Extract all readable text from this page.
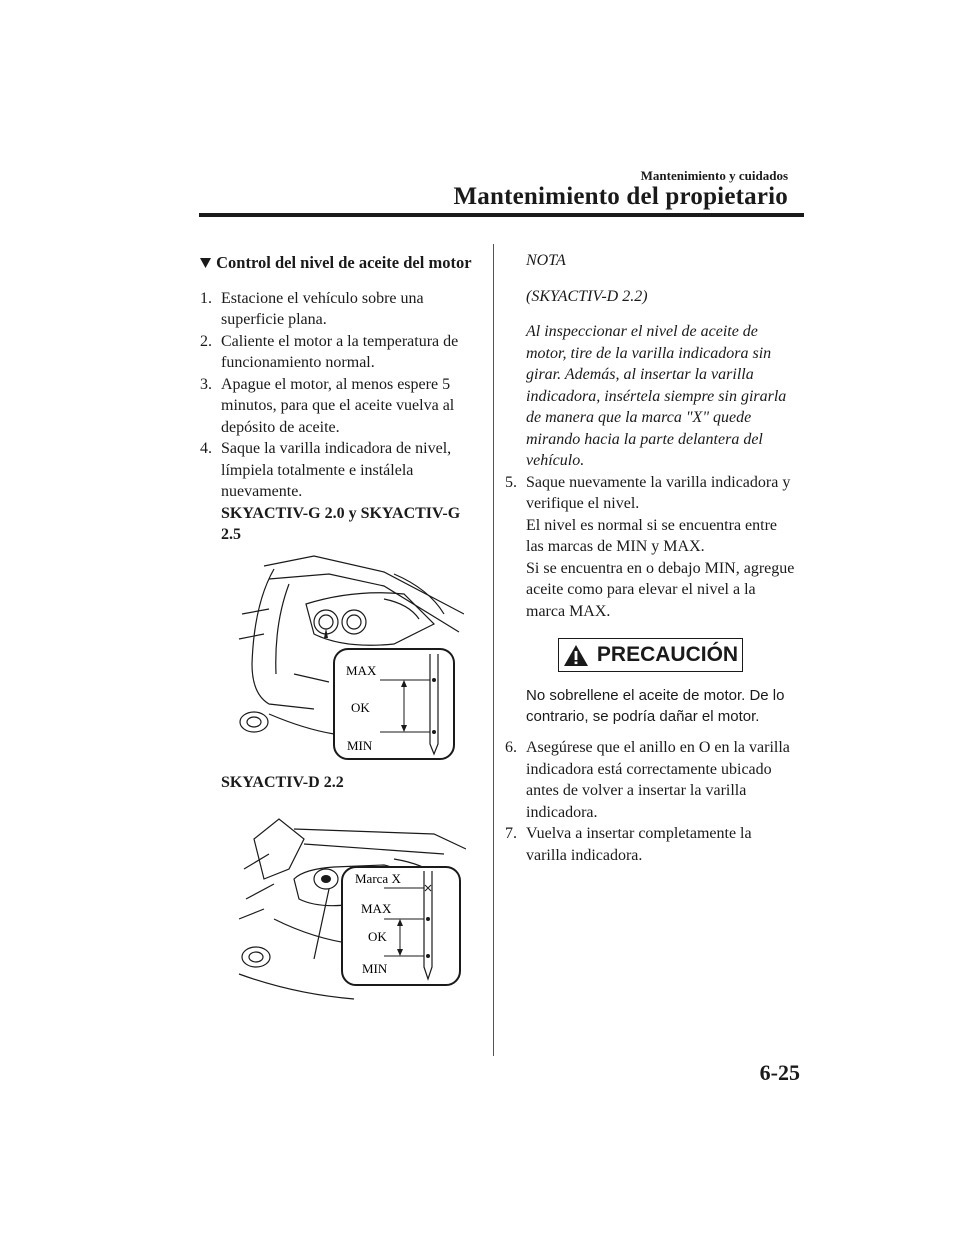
Mantenimiento y cuidados
Mantenimiento del propietario
Control del nivel de aceite del motor
1. Estacione el vehículo sobre una superficie plana.
2. Caliente el motor a la temperatura de funcionamiento normal.
3. Apague el motor, al menos espere 5 minutos, para que el aceite vuelva al depósito de aceite.
4. Saque la varilla indicadora de nivel, límpiela totalmente e instálela nuevamente.
SKYACTIV-G 2.0 y SKYACTIV-G 2.5
MAX
OK
MIN
SKYACTIV-D 2.2
Marca X
MAX
OK
MIN

NOTA

(SKYACTIV-D 2.2)

Al inspeccionar el nivel de aceite de motor, tire de la varilla indicadora sin girar. Además, al insertar la varilla indicadora, insértela siempre sin girarla de manera que la marca "X" quede mirando hacia la parte delantera del vehículo.

5. Saque nuevamente la varilla indicadora y verifique el nivel.
El nivel es normal si se encuentra entre las marcas de MIN y MAX.
Si se encuentra en o debajo MIN, agregue aceite como para elevar el nivel a la marca MAX.
PRECAUCIÓN
No sobrellene el aceite de motor. De lo contrario, se podría dañar el motor.
6. Asegúrese que el anillo en O en la varilla indicadora está correctamente ubicado antes de volver a insertar la varilla indicadora.
7. Vuelva a insertar completamente la varilla indicadora.
6-25
